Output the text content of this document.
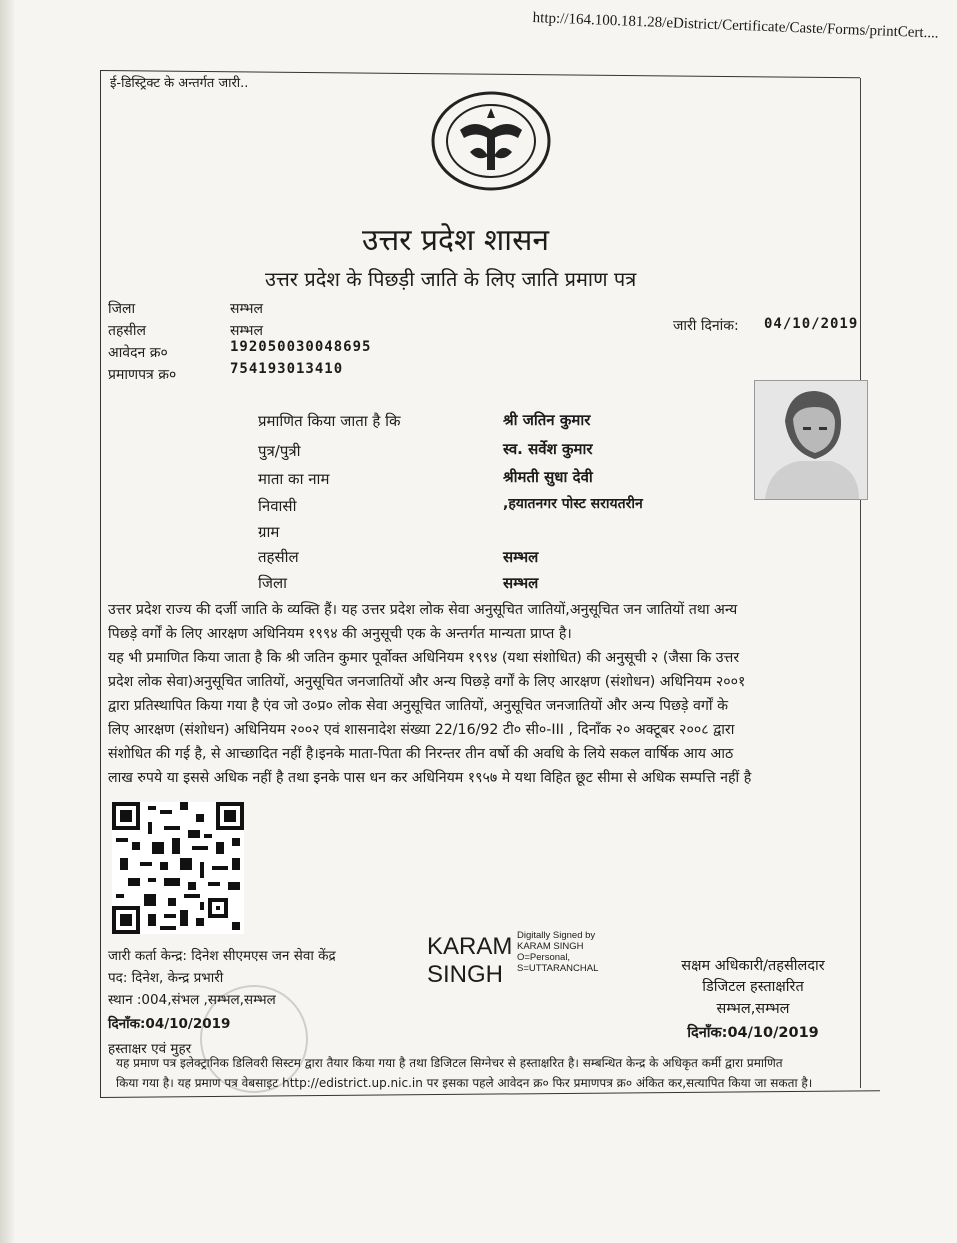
http://164.100.181.28/eDistrict/Certificate/Caste/Forms/printCert....
ई-डिस्ट्रिक्ट के अन्तर्गत जारी..
उत्तर प्रदेश शासन
उत्तर प्रदेश के पिछड़ी जाति के लिए जाति प्रमाण पत्र
जिला	सम्भल
तहसील	सम्भल
आवेदन क्र०	192050030048695
प्रमाणपत्र क्र०	754193013410
जारी दिनांक: 04/10/2019
प्रमाणित किया जाता है कि	श्री जतिन कुमार
पुत्र/पुत्री	स्व. सर्वेश कुमार
माता का नाम	श्रीमती सुधा देवी
निवासी	,हयातनगर पोस्ट सरायतरीन
ग्राम
तहसील	सम्भल
जिला	सम्भल
उत्तर प्रदेश राज्य की दर्जी जाति के व्यक्ति हैं। यह उत्तर प्रदेश लोक सेवा अनुसूचित जातियों,अनुसूचित जन जातियों तथा अन्य
पिछड़े वर्गों के लिए आरक्षण अधिनियम १९९४ की अनुसूची एक के अन्तर्गत मान्यता प्राप्त है।
यह भी प्रमाणित किया जाता है कि श्री जतिन कुमार पूर्वोक्त अधिनियम १९९४ (यथा संशोधित) की अनुसूची २ (जैसा कि उत्तर
प्रदेश लोक सेवा)अनुसूचित जातियों, अनुसूचित जनजातियों और अन्य पिछड़े वर्गों के लिए आरक्षण (संशोधन) अधिनियम २००१
द्वारा प्रतिस्थापित किया गया है एंव जो उ०प्र० लोक सेवा अनुसूचित जातियों, अनुसूचित जनजातियों और अन्य पिछड़े वर्गों के
लिए आरक्षण (संशोधन) अधिनियम २००२ एवं शासनादेश संख्या 22/16/92 टी० सी०-III , दिनाँक २० अक्टूबर २००८ द्वारा
संशोधित की गई है, से आच्छादित नहीं है।इनके माता-पिता की निरन्तर तीन वर्षो की अवधि के लिये सकल वार्षिक आय आठ
लाख रुपये या इससे अधिक नहीं है तथा इनके पास धन कर अधिनियम १९५७ मे यथा विहित छूट सीमा से अधिक सम्पत्ति नहीं है
जारी कर्ता केन्द्र: दिनेश सीएमएस जन सेवा केंद्र
पद: दिनेश, केन्द्र प्रभारी
स्थान :004,संभल ,सम्भल,सम्भल
दिनाँक:04/10/2019
हस्ताक्षर एवं मुहर
KARAM
SINGH
Digitally Signed by
KARAM SINGH
O=Personal,
S=UTTARANCHAL	सक्षम अधिकारी/तहसीलदार
डिजिटल हस्ताक्षरित
सम्भल,सम्भल
दिनाँक:04/10/2019
यह प्रमाण पत्र इलेक्ट्रानिक डिलिवरी सिस्टम द्वारा तैयार किया गया है तथा डिजिटल सिग्नेचर से हस्ताक्षरित है। सम्बन्धित केन्द्र के अधिकृत कर्मी द्वारा प्रमाणित
किया गया है। यह प्रमाण पत्र वेबसाइट http://edistrict.up.nic.in पर इसका पहले आवेदन क्र० फिर प्रमाणपत्र क्र० अंकित कर,सत्यापित किया जा सकता है।
